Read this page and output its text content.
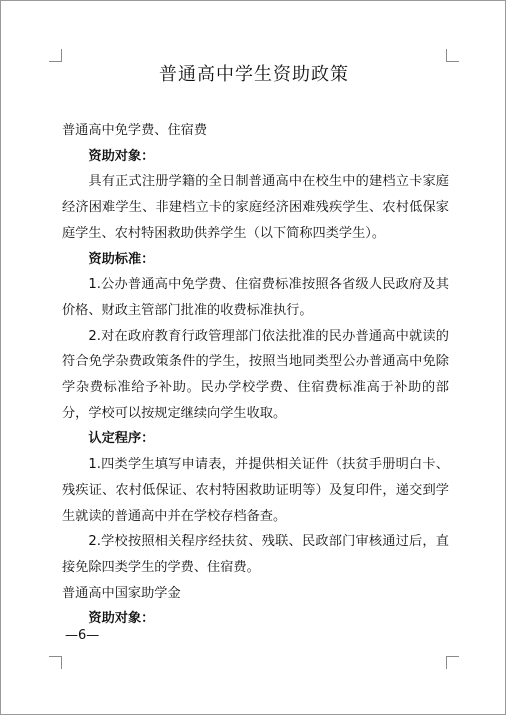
普通高中学生资助政策

普通高中免学费、住宿费

资助对象：

具有正式注册学籍的全日制普通高中在校生中的建档立卡家庭经济困难学生、非建档立卡的家庭经济困难残疾学生、农村低保家庭学生、农村特困救助供养学生（以下简称四类学生）。

资助标准：

1.公办普通高中免学费、住宿费标准按照各省级人民政府及其价格、财政主管部门批准的收费标准执行。

2.对在政府教育行政管理部门依法批准的民办普通高中就读的符合免学杂费政策条件的学生，按照当地同类型公办普通高中免除学杂费标准给予补助。民办学校学费、住宿费标准高于补助的部分，学校可以按规定继续向学生收取。

认定程序：

1.四类学生填写申请表，并提供相关证件（扶贫手册明白卡、残疾证、农村低保证、农村特困救助证明等）及复印件，递交到学生就读的普通高中并在学校存档备查。

2.学校按照相关程序经扶贫、残联、民政部门审核通过后，直接免除四类学生的学费、住宿费。

普通高中国家助学金

资助对象：

—6—
